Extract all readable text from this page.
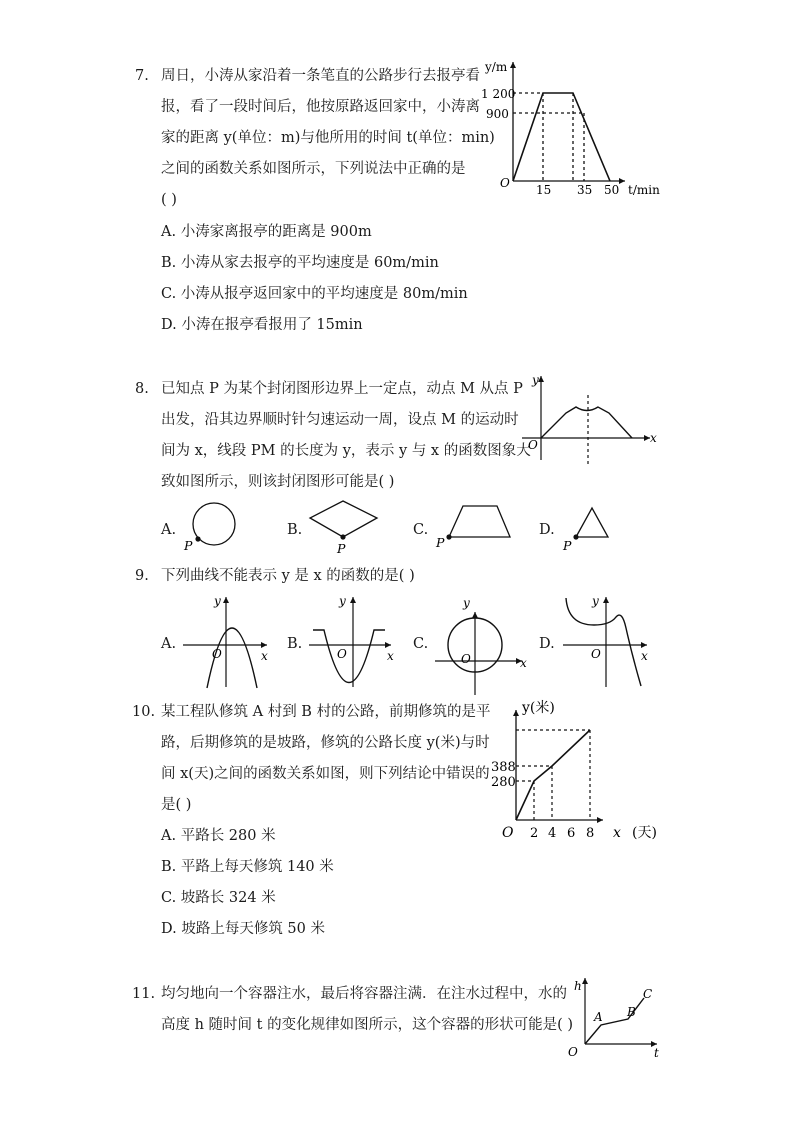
7. 周日，小涛从家沿着一条笔直的公路步行去报亭看
报，看了一段时间后，他按原路返回家中，小涛离
家的距离 y(单位：m)与他所用的时间 t(单位：min)
之间的函数关系如图所示，下列说法中正确的是
( )
A. 小涛家离报亭的距离是 900m
B. 小涛从家去报亭的平均速度是 60m/min
C. 小涛从报亭返回家中的平均速度是 80m/min
D. 小涛在报亭看报用了 15min
y/m
1 200
900
O 15 35 50 t/min
8. 已知点 P 为某个封闭图形边界上一定点，动点 M 从点 P
出发，沿其边界顺时针匀速运动一周，设点 M 的运动时
间为 x，线段 PM 的长度为 y，表示 y 与 x 的函数图象大
致如图所示，则该封闭图形可能是( )
y
O	x
A.	B.	C.	D.
P	P	P	P
9. 下列曲线不能表示 y 是 x 的函数的是( )
A.	B.	C.	D.
y
O	x
y
O	x
y
O	x
y
O	x
10. 某工程队修筑 A 村到 B 村的公路，前期修筑的是平
路，后期修筑的是坡路，修筑的公路长度 y(米)与时
间 x(天)之间的函数关系如图，则下列结论中错误的
是( )
A. 平路长 280 米
B. 平路上每天修筑 140 米
C. 坡路长 324 米
D. 坡路上每天修筑 50 米
y(米)
388
280
O 2 4 6 8 x (天)
11. 均匀地向一个容器注水，最后将容器注满．在注水过程中，水的
高度 h 随时间 t 的变化规律如图所示，这个容器的形状可能是( )
h
O	t
A B
C
